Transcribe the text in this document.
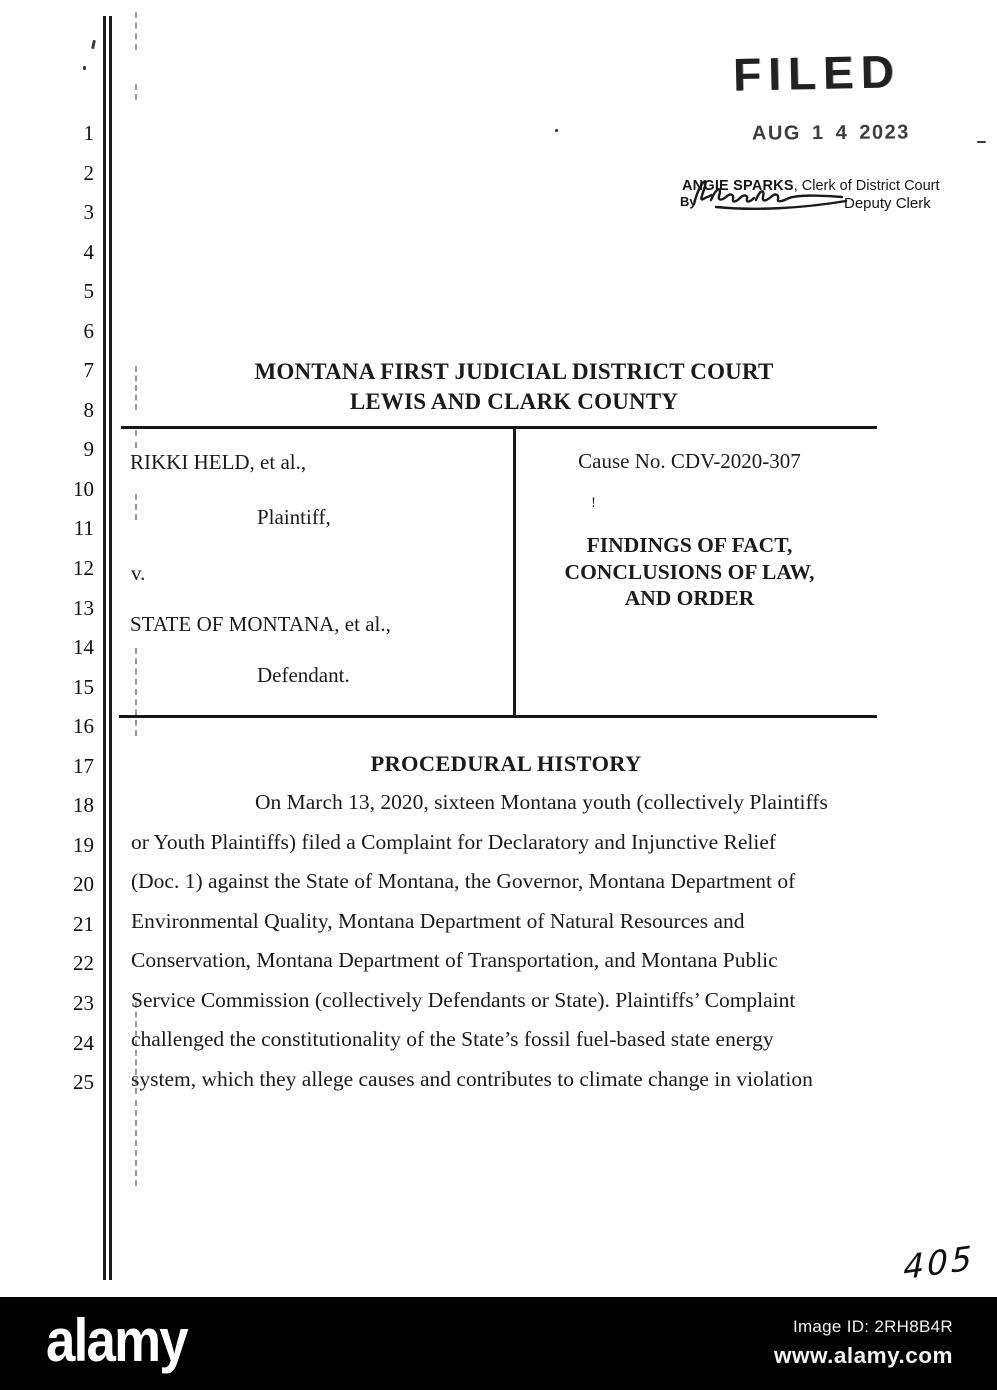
1
2
3
4
5
6
7
8
9
10
11
12
13
14
15
16
17
18
19
20
21
22
23
24
25
FILED
AUG 1 4 2023
ANGIE SPARKS, Clerk of District Court
By	Deputy Clerk
MONTANA FIRST JUDICIAL DISTRICT COURT
LEWIS AND CLARK COUNTY
RIKKI HELD, et al.,
Plaintiff,
v.
STATE OF MONTANA, et al.,
Defendant.
Cause No. CDV-2020-307
!
FINDINGS OF FACT,
CONCLUSIONS OF LAW,
AND ORDER
PROCEDURAL HISTORY
On March 13, 2020, sixteen Montana youth (collectively Plaintiffs
or Youth Plaintiffs) filed a Complaint for Declaratory and Injunctive Relief
(Doc. 1) against the State of Montana, the Governor, Montana Department of
Environmental Quality, Montana Department of Natural Resources and
Conservation, Montana Department of Transportation, and Montana Public
Service Commission (collectively Defendants or State). Plaintiffs’ Complaint
challenged the constitutionality of the State’s fossil fuel-based state energy
system, which they allege causes and contributes to climate change in violation
405
alamy	Image ID: 2RH8B4R
www.alamy.com
